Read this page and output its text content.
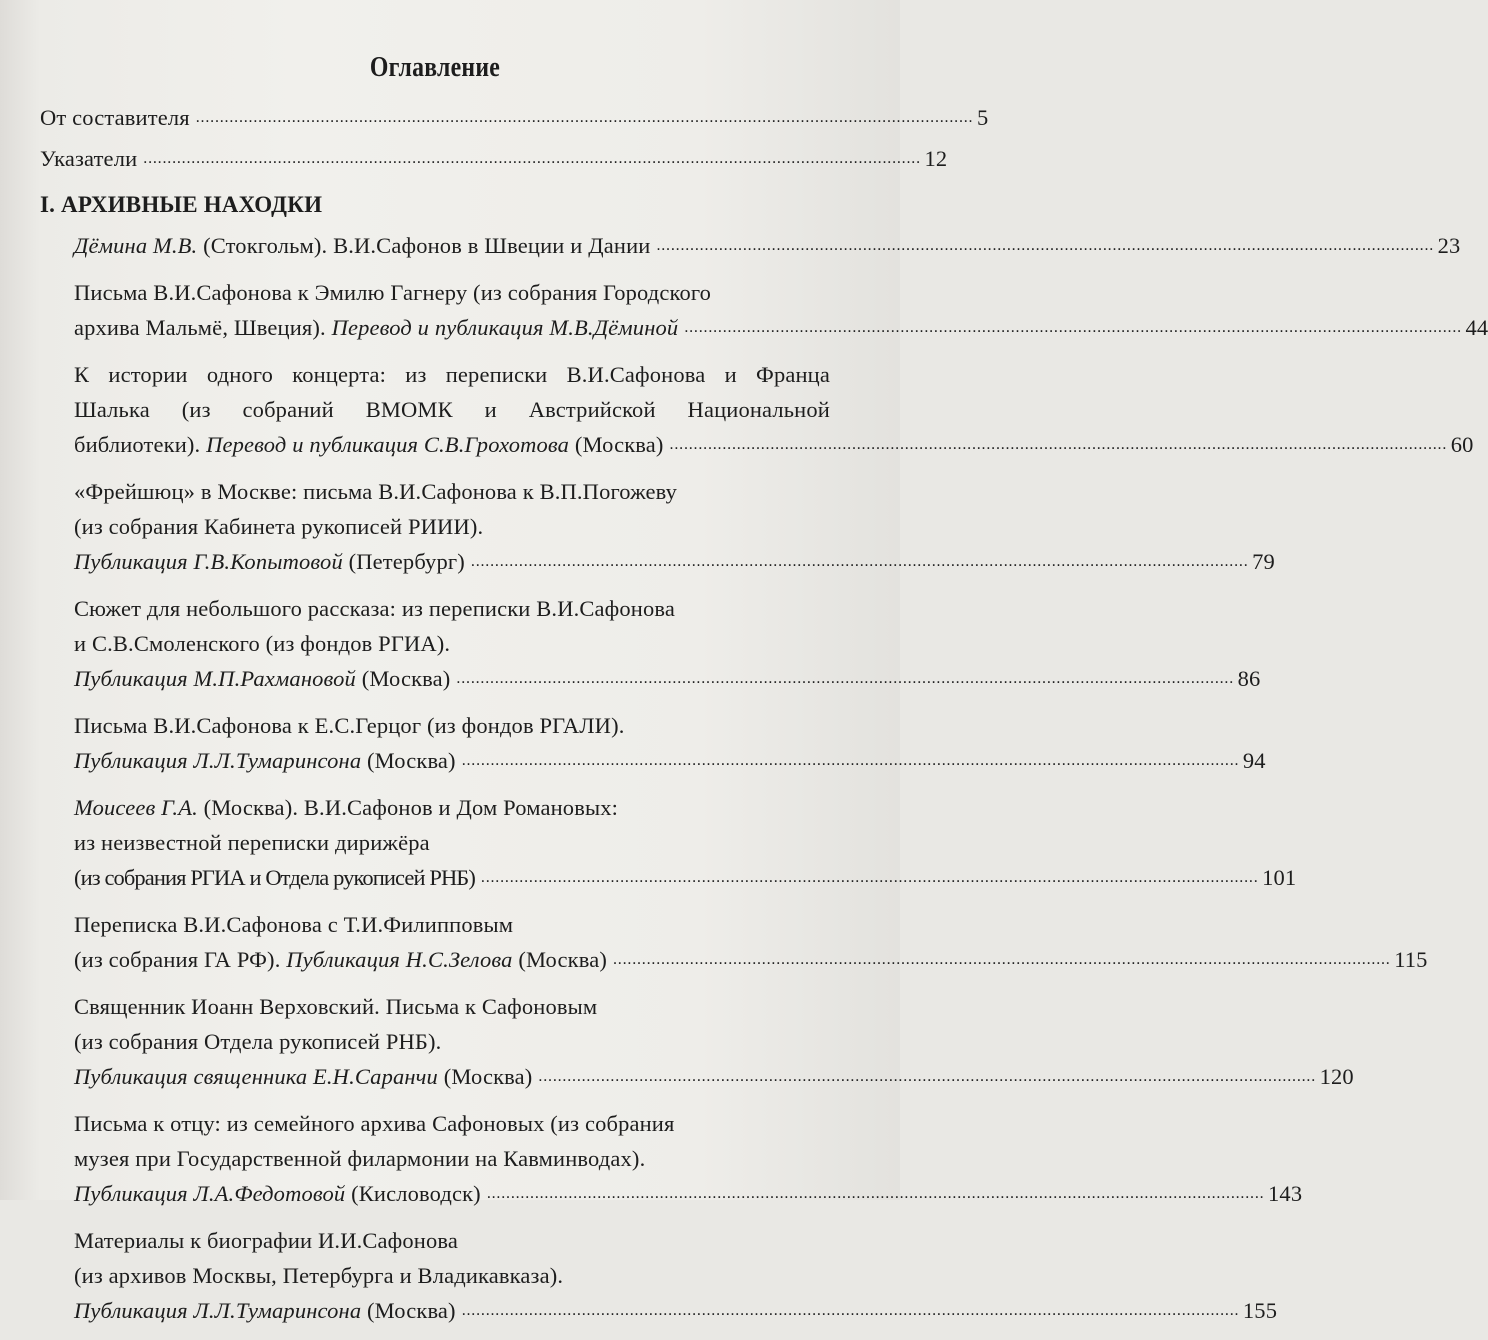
Оглавление
От составителя . . .	5
Указатели . . .	12
I. АРХИВНЫЕ НАХОДКИ
Дёмина М.В. (Стокгольм). В.И.Сафонов в Швеции и Дании . . .	23
Письма В.И.Сафонова к Эмилю Гагнеру (из собрания Городского
архива Мальмё, Швеция). Перевод и публикация М.В.Дёминой . . .	44
К истории одного концерта: из переписки В.И.Сафонова и Франца
Шалька (из собраний ВМОМК и Австрийской Национальной
библиотеки). Перевод и публикация С.В.Грохотова (Москва) . . .	60
«Фрейшюц» в Москве: письма В.И.Сафонова к В.П.Погожеву
(из собрания Кабинета рукописей РИИИ).
Публикация Г.В.Копытовой (Петербург) . . .	79
Сюжет для небольшого рассказа: из переписки В.И.Сафонова
и С.В.Смоленского (из фондов РГИА).
Публикация М.П.Рахмановой (Москва) . . .	86
Письма В.И.Сафонова к Е.С.Герцог (из фондов РГАЛИ).
Публикация Л.Л.Тумаринсона (Москва) . . .	94
Моисеев Г.А. (Москва). В.И.Сафонов и Дом Романовых:
из неизвестной переписки дирижёра
(из собрания РГИА и Отдела рукописей РНБ) . . .	101
Переписка В.И.Сафонова с Т.И.Филипповым
(из собрания ГА РФ). Публикация Н.С.Зелова (Москва) . . .	115
Священник Иоанн Верховский. Письма к Сафоновым
(из собрания Отдела рукописей РНБ).
Публикация священника Е.Н.Саранчи (Москва) . . .	120
Письма к отцу: из семейного архива Сафоновых (из собрания
музея при Государственной филармонии на Кавминводах).
Публикация Л.А.Федотовой (Кисловодск) . . .	143
Материалы к биографии И.И.Сафонова
(из архивов Москвы, Петербурга и Владикавказа).
Публикация Л.Л.Тумаринсона (Москва) . . .	155
